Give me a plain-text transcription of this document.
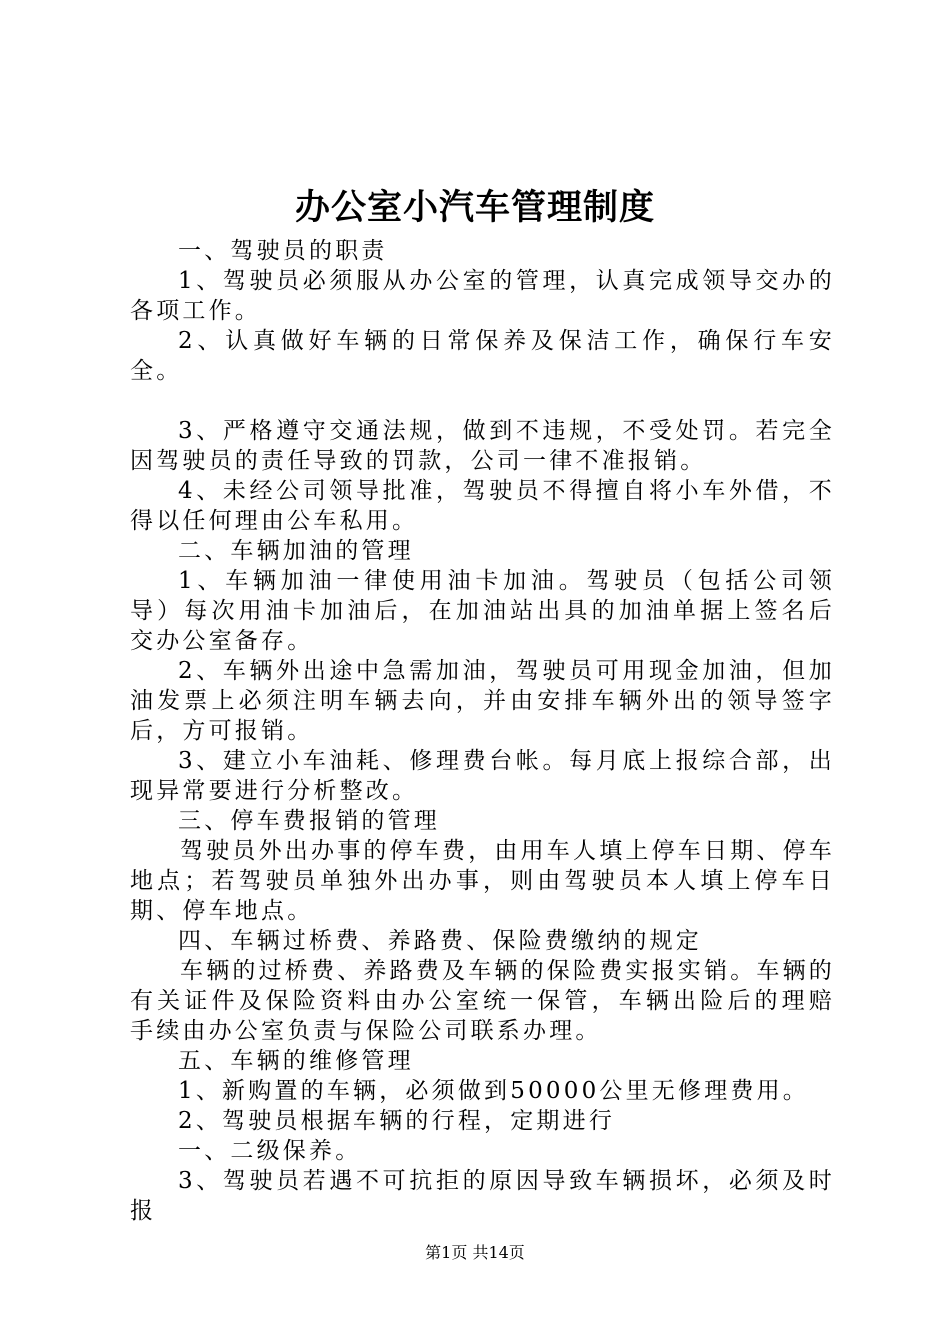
办公室小汽车管理制度

一、驾驶员的职责

1、驾驶员必须服从办公室的管理，认真完成领导交办的各项工作。

2、认真做好车辆的日常保养及保洁工作，确保行车安全。

3、严格遵守交通法规，做到不违规，不受处罚。若完全因驾驶员的责任导致的罚款，公司一律不准报销。

4、未经公司领导批准，驾驶员不得擅自将小车外借，不得以任何理由公车私用。

二、车辆加油的管理

1、车辆加油一律使用油卡加油。驾驶员（包括公司领导）每次用油卡加油后，在加油站出具的加油单据上签名后交办公室备存。

2、车辆外出途中急需加油，驾驶员可用现金加油，但加油发票上必须注明车辆去向，并由安排车辆外出的领导签字后，方可报销。

3、建立小车油耗、修理费台帐。每月底上报综合部，出现异常要进行分析整改。

三、停车费报销的管理

驾驶员外出办事的停车费，由用车人填上停车日期、停车地点；若驾驶员单独外出办事，则由驾驶员本人填上停车日期、停车地点。

四、车辆过桥费、养路费、保险费缴纳的规定

车辆的过桥费、养路费及车辆的保险费实报实销。车辆的有关证件及保险资料由办公室统一保管，车辆出险后的理赔手续由办公室负责与保险公司联系办理。

五、车辆的维修管理

1、新购置的车辆，必须做到50000公里无修理费用。

2、驾驶员根据车辆的行程，定期进行

一、二级保养。

3、驾驶员若遇不可抗拒的原因导致车辆损坏，必须及时报

第1页 共14页
